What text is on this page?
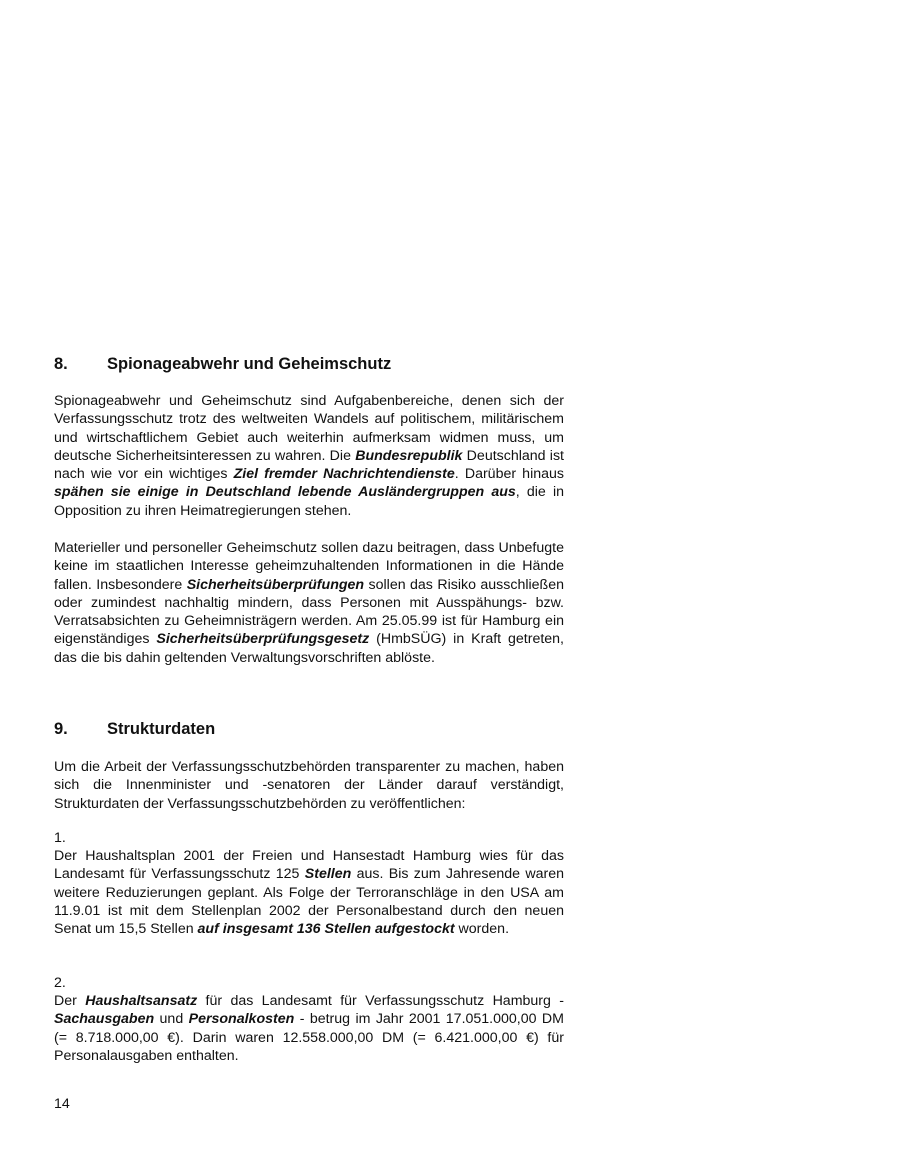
8. Spionageabwehr und Geheimschutz

Spionageabwehr und Geheimschutz sind Aufgabenbereiche, denen sich der Verfassungsschutz trotz des weltweiten Wandels auf politischem, militärischem und wirtschaftlichem Gebiet auch weiterhin aufmerksam widmen muss, um deutsche Sicherheitsinteressen zu wahren. Die Bundesrepublik Deutschland ist nach wie vor ein wichtiges Ziel fremder Nachrichtendienste. Darüber hinaus spähen sie einige in Deutschland lebende Ausländergruppen aus, die in Opposition zu ihren Heimatregierungen stehen.

Materieller und personeller Geheimschutz sollen dazu beitragen, dass Unbefugte keine im staatlichen Interesse geheimzuhaltenden Informationen in die Hände fallen. Insbesondere Sicherheitsüberprüfungen sollen das Risiko ausschließen oder zumindest nachhaltig mindern, dass Personen mit Ausspähungs- bzw. Verratsabsichten zu Geheimnisträgern werden. Am 25.05.99 ist für Hamburg ein eigenständiges Sicherheitsüberprüfungsgesetz (HmbSÜG) in Kraft getreten, das die bis dahin geltenden Verwaltungsvorschriften ablöste.

9. Strukturdaten

Um die Arbeit der Verfassungsschutzbehörden transparenter zu machen, haben sich die Innenminister und -senatoren der Länder darauf verständigt, Strukturdaten der Verfassungsschutzbehörden zu veröffentlichen:

1.

Der Haushaltsplan 2001 der Freien und Hansestadt Hamburg wies für das Landesamt für Verfassungsschutz 125 Stellen aus. Bis zum Jahresende waren weitere Reduzierungen geplant. Als Folge der Terroranschläge in den USA am 11.9.01 ist mit dem Stellenplan 2002 der Personalbestand durch den neuen Senat um 15,5 Stellen auf insgesamt 136 Stellen aufgestockt worden.

2.

Der Haushaltsansatz für das Landesamt für Verfassungsschutz Hamburg - Sachausgaben und Personalkosten - betrug im Jahr 2001 17.051.000,00 DM (= 8.718.000,00 €). Darin waren 12.558.000,00 DM (= 6.421.000,00 €) für Personalausgaben enthalten.

14
